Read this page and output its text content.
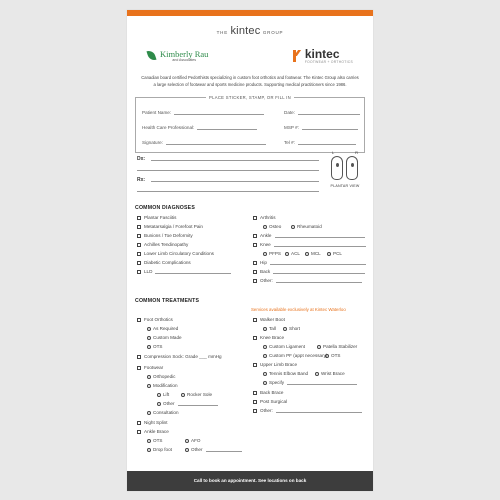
THE kintec GROUP
Kimberly Rau
and Associates	kintec
FOOTWEAR + ORTHOTICS

Canadian board certified Pedorthists specializing in custom foot orthotics and footwear. The Kintec Group also carries a large selection of footwear and sports medicine products. Supporting medical practitioners since 1986.

PLACE STICKER, STAMP, OR FILL IN
Patient Name:	Date:
Health Care Professional:	MSP #:
Signature:	Tel #:
Dx:
Rx:
L	R
PLANTAR VIEW
COMMON DIAGNOSES
Plantar Fasciitis
Metatarsalgia / Forefoot Pain
Bunions / Toe Deformity
Achilles Tendinopathy
Lower Limb Circulatory Conditions
Diabetic Complications
LLD
Arthritis
Osteo	Rheumatoid
Ankle
Knee
PFPS ACL MCL	PCL
Hip
Back
Other:
COMMON TREATMENTS
Services available exclusively at Kintec Waterloo
Foot Orthotics
As Required
Custom Made
OTS
Compression Sock: Grade ___ mmHg
Footwear
Orthopedic
Modification
Lift	Rocker Sole
Other
Consultation
Night Splint
Ankle Brace
OTS	AFO
Drop foot	Other
Walker Boot
Tall	Short
Knee Brace
Custom Ligament	Patella Stabilizer
Custom PF (appt necessary) OTS
Upper Limb Brace
Tennis Elbow Band	Wrist Brace
Specify
Back Brace
Post Surgical
Other:
Call to book an appointment. See locations on back
